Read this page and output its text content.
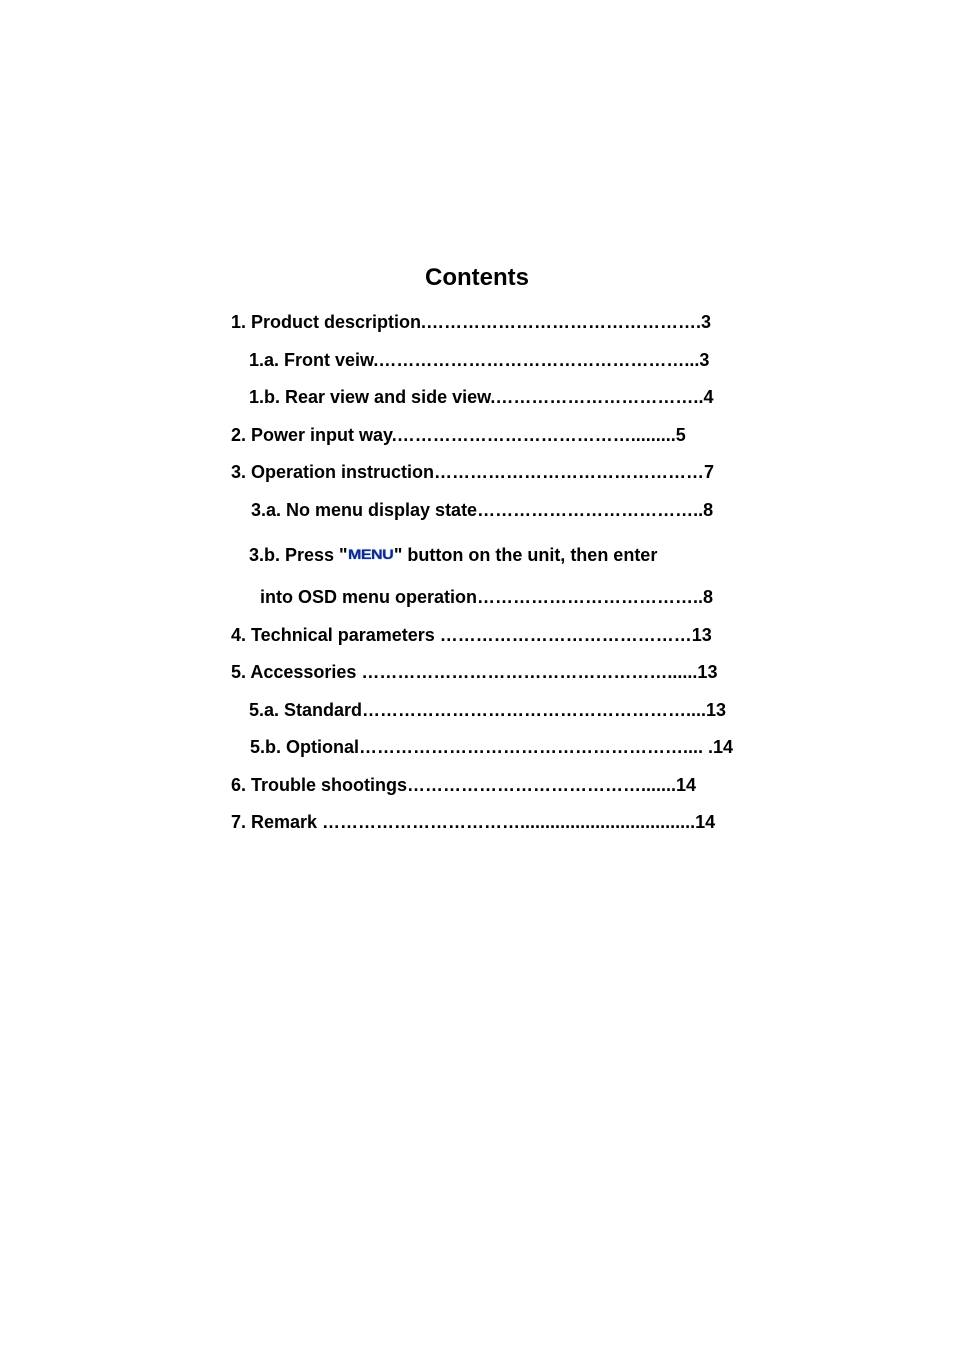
Contents
1. Product description.……………………………………….3
1.a. Front veiw.……………………………………………...3
1.b. Rear view and side view.……………………………..4
2. Power input way.………………………………….........5
3. Operation instruction………………………………………7
3.a. No menu display state………………………………..8
3.b. Press "MENU" button on the unit, then enter
into OSD menu operation………………………………..8
4. Technical parameters ……………………………………13
5. Accessories ……………………………………………......13
5.a. Standard………………………………………………....13
5.b. Optional……………………………………………….... .14
6. Trouble shootings………………………………….......14
7. Remark ……………………………...................................14
